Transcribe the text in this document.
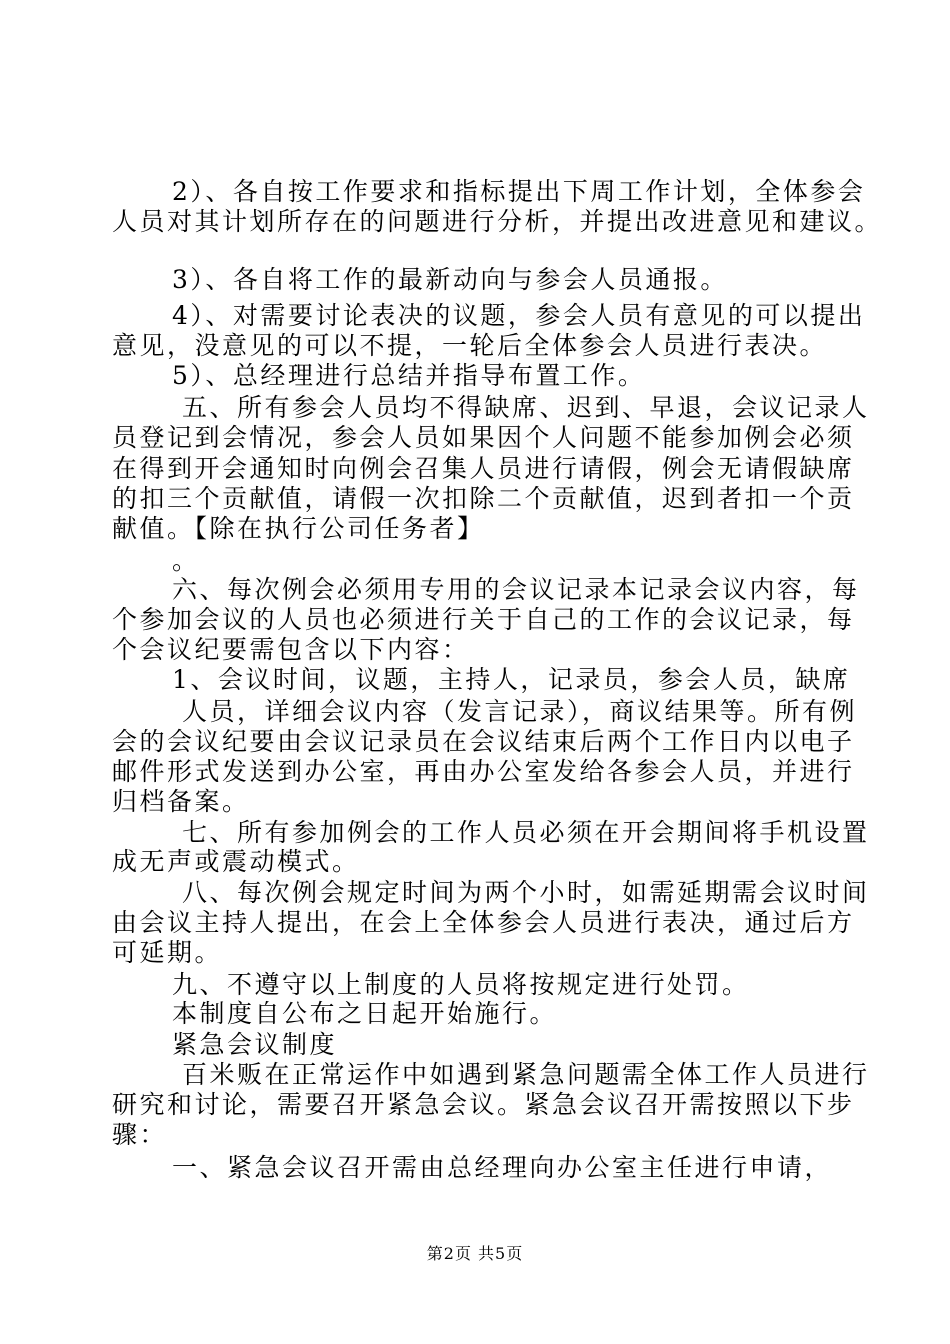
2）、各自按工作要求和指标提出下周工作计划，全体参会
人员对其计划所存在的问题进行分析，并提出改进意见和建议。
3）、各自将工作的最新动向与参会人员通报。
4）、对需要讨论表决的议题，参会人员有意见的可以提出
意见，没意见的可以不提，一轮后全体参会人员进行表决。
5）、总经理进行总结并指导布置工作。
五、所有参会人员均不得缺席、迟到、早退，会议记录人
员登记到会情况，参会人员如果因个人问题不能参加例会必须
在得到开会通知时向例会召集人员进行请假，例会无请假缺席
的扣三个贡献值，请假一次扣除二个贡献值，迟到者扣一个贡
献值。【除在执行公司任务者】
。
六、每次例会必须用专用的会议记录本记录会议内容，每
个参加会议的人员也必须进行关于自己的工作的会议记录，每
个会议纪要需包含以下内容：
1、会议时间，议题，主持人，记录员，参会人员，缺席
人员，详细会议内容（发言记录），商议结果等。所有例
会的会议纪要由会议记录员在会议结束后两个工作日内以电子
邮件形式发送到办公室，再由办公室发给各参会人员，并进行
归档备案。
七、所有参加例会的工作人员必须在开会期间将手机设置
成无声或震动模式。
八、每次例会规定时间为两个小时，如需延期需会议时间
由会议主持人提出，在会上全体参会人员进行表决，通过后方
可延期。
九、不遵守以上制度的人员将按规定进行处罚。
本制度自公布之日起开始施行。
紧急会议制度
百米贩在正常运作中如遇到紧急问题需全体工作人员进行
研究和讨论，需要召开紧急会议。紧急会议召开需按照以下步
骤：
一、紧急会议召开需由总经理向办公室主任进行申请，
第2页 共5页
